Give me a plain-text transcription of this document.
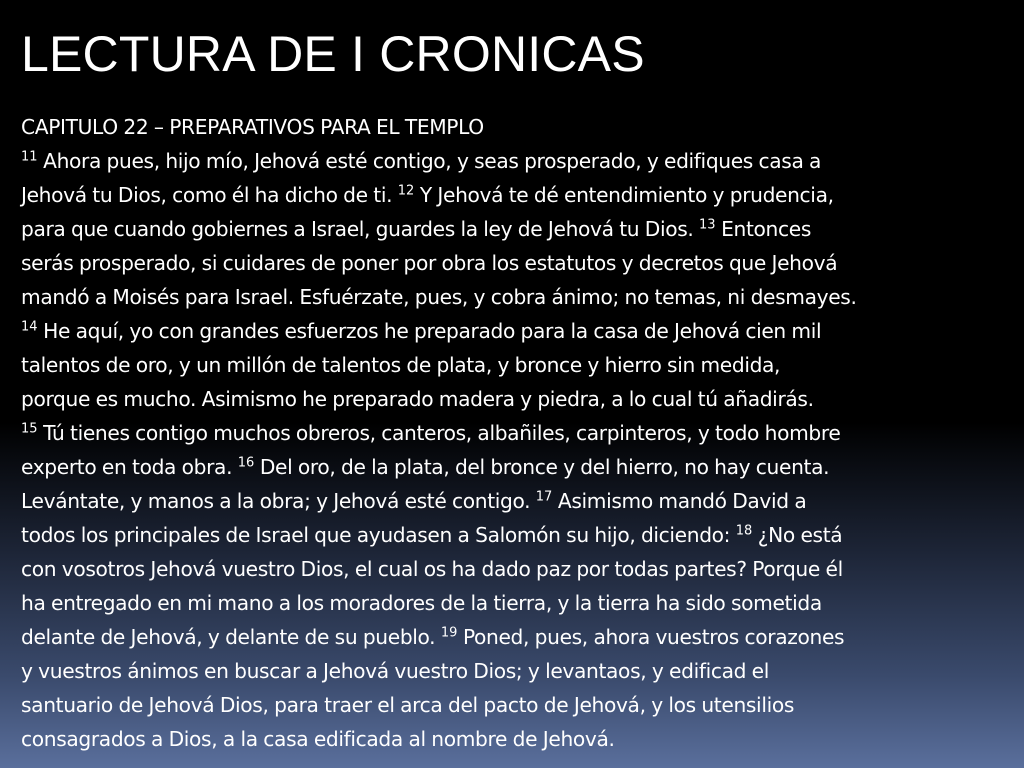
LECTURA DE I CRONICAS
CAPITULO 22 – PREPARATIVOS PARA EL TEMPLO
$^{11}$ Ahora pues, hijo mío, Jehová esté contigo, y seas prosperado, y edifiques casa a
Jehová tu Dios, como él ha dicho de ti. $^{12}$ Y Jehová te dé entendimiento y prudencia,
para que cuando gobiernes a Israel, guardes la ley de Jehová tu Dios. $^{13}$ Entonces
serás prosperado, si cuidares de poner por obra los estatutos y decretos que Jehová
mandó a Moisés para Israel. Esfuérzate, pues, y cobra ánimo; no temas, ni desmayes.
$^{14}$ He aquí, yo con grandes esfuerzos he preparado para la casa de Jehová cien mil
talentos de oro, y un millón de talentos de plata, y bronce y hierro sin medida,
porque es mucho. Asimismo he preparado madera y piedra, a lo cual tú añadirás.
$^{15}$ Tú tienes contigo muchos obreros, canteros, albañiles, carpinteros, y todo hombre
experto en toda obra. $^{16}$ Del oro, de la plata, del bronce y del hierro, no hay cuenta.
Levántate, y manos a la obra; y Jehová esté contigo. $^{17}$ Asimismo mandó David a
todos los principales de Israel que ayudasen a Salomón su hijo, diciendo: $^{18}$ ¿No está
con vosotros Jehová vuestro Dios, el cual os ha dado paz por todas partes? Porque él
ha entregado en mi mano a los moradores de la tierra, y la tierra ha sido sometida
delante de Jehová, y delante de su pueblo. $^{19}$ Poned, pues, ahora vuestros corazones
y vuestros ánimos en buscar a Jehová vuestro Dios; y levantaos, y edificad el
santuario de Jehová Dios, para traer el arca del pacto de Jehová, y los utensilios
consagrados a Dios, a la casa edificada al nombre de Jehová.
